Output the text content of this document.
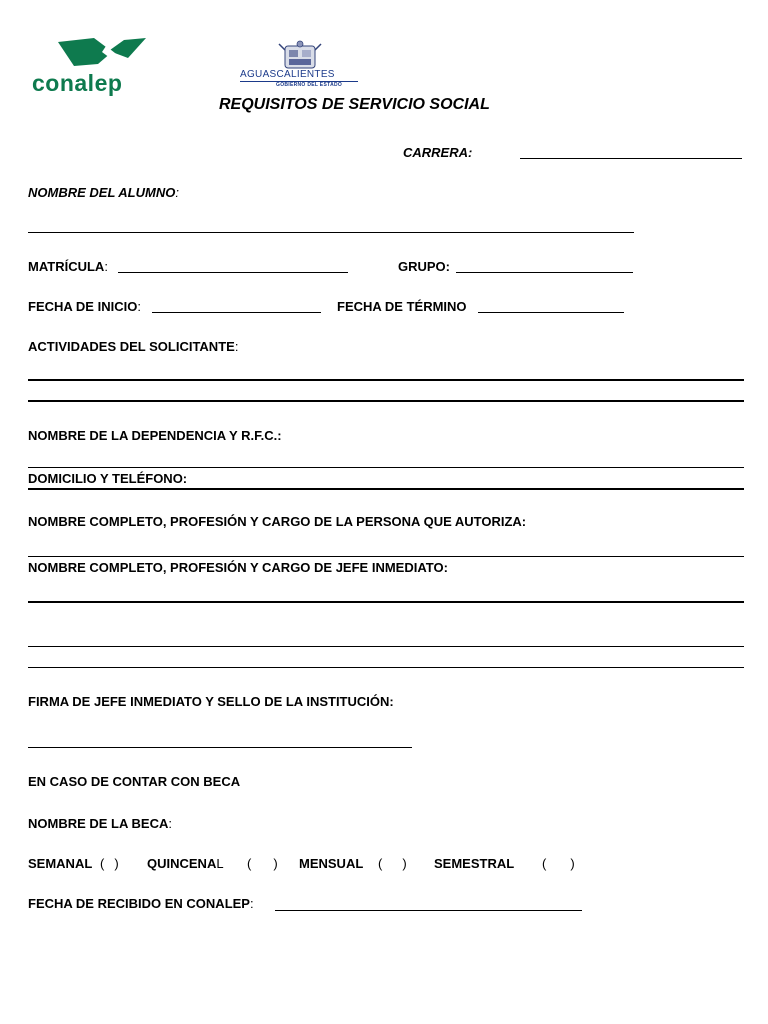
conalep	AGUASCALIENTES
GOBIERNO DEL ESTADO
REQUISITOS DE SERVICIO SOCIAL
CARRERA:
NOMBRE DEL ALUMNO:
MATRÍCULA:	GRUPO:
FECHA DE INICIO:	FECHA DE TÉRMINO
ACTIVIDADES DEL SOLICITANTE:
NOMBRE DE LA DEPENDENCIA Y R.F.C.:
DOMICILIO Y TELÉFONO:
NOMBRE COMPLETO, PROFESIÓN Y CARGO DE LA PERSONA QUE AUTORIZA:
NOMBRE COMPLETO, PROFESIÓN Y CARGO DE JEFE INMEDIATO:
FIRMA DE JEFE INMEDIATO Y SELLO DE LA INSTITUCIÓN:
EN CASO DE CONTAR CON BECA
NOMBRE DE LA BECA:
SEMANAL ( ) QUINCENAL ( ) MENSUAL ( ) SEMESTRAL ( )
FECHA DE RECIBIDO EN CONALEP:
